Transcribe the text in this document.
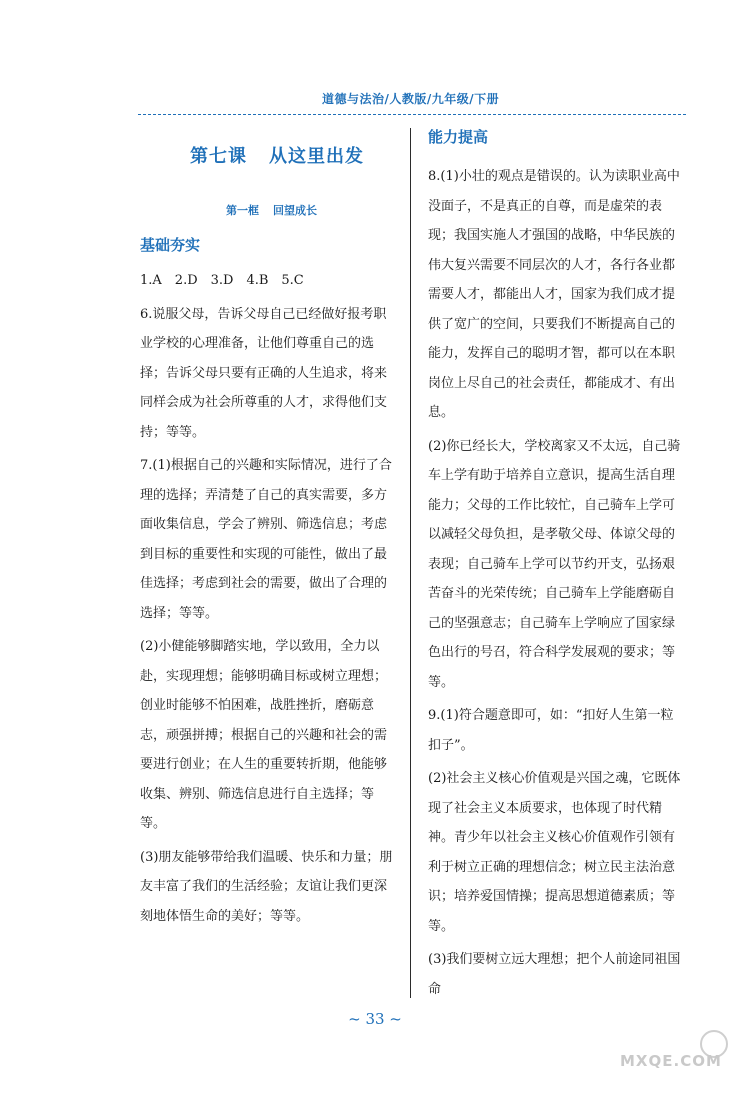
道德与法治/人教版/九年级/下册
第七课 从这里出发
第一框 回望成长
基础夯实
能力提高

1.A　2.D　3.D　4.B　5.C

6.说服父母，告诉父母自己已经做好报考职业学校的心理准备，让他们尊重自己的选择；告诉父母只要有正确的人生追求，将来同样会成为社会所尊重的人才，求得他们支持；等等。

7.(1)根据自己的兴趣和实际情况，进行了合理的选择；弄清楚了自己的真实需要，多方面收集信息，学会了辨别、筛选信息；考虑到目标的重要性和实现的可能性，做出了最佳选择；考虑到社会的需要，做出了合理的选择；等等。

(2)小健能够脚踏实地，学以致用，全力以赴，实现理想；能够明确目标或树立理想；创业时能够不怕困难，战胜挫折，磨砺意志，顽强拼搏；根据自己的兴趣和社会的需要进行创业；在人生的重要转折期，他能够收集、辨别、筛选信息进行自主选择；等等。

(3)朋友能够带给我们温暖、快乐和力量；朋友丰富了我们的生活经验；友谊让我们更深刻地体悟生命的美好；等等。

8.(1)小壮的观点是错误的。认为读职业高中没面子，不是真正的自尊，而是虚荣的表现；我国实施人才强国的战略，中华民族的伟大复兴需要不同层次的人才，各行各业都需要人才，都能出人才，国家为我们成才提供了宽广的空间，只要我们不断提高自己的能力，发挥自己的聪明才智，都可以在本职岗位上尽自己的社会责任，都能成才、有出息。

(2)你已经长大，学校离家又不太远，自己骑车上学有助于培养自立意识，提高生活自理能力；父母的工作比较忙，自己骑车上学可以减轻父母负担，是孝敬父母、体谅父母的表现；自己骑车上学可以节约开支，弘扬艰苦奋斗的光荣传统；自己骑车上学能磨砺自己的坚强意志；自己骑车上学响应了国家绿色出行的号召，符合科学发展观的要求；等等。

9.(1)符合题意即可，如：“扣好人生第一粒扣子”。

(2)社会主义核心价值观是兴国之魂，它既体现了社会主义本质要求，也体现了时代精神。青少年以社会主义核心价值观作引领有利于树立正确的理想信念；树立民主法治意识；培养爱国情操；提高思想道德素质；等等。

(3)我们要树立远大理想；把个人前途同祖国命

~ 33 ~
MXQE.COM
